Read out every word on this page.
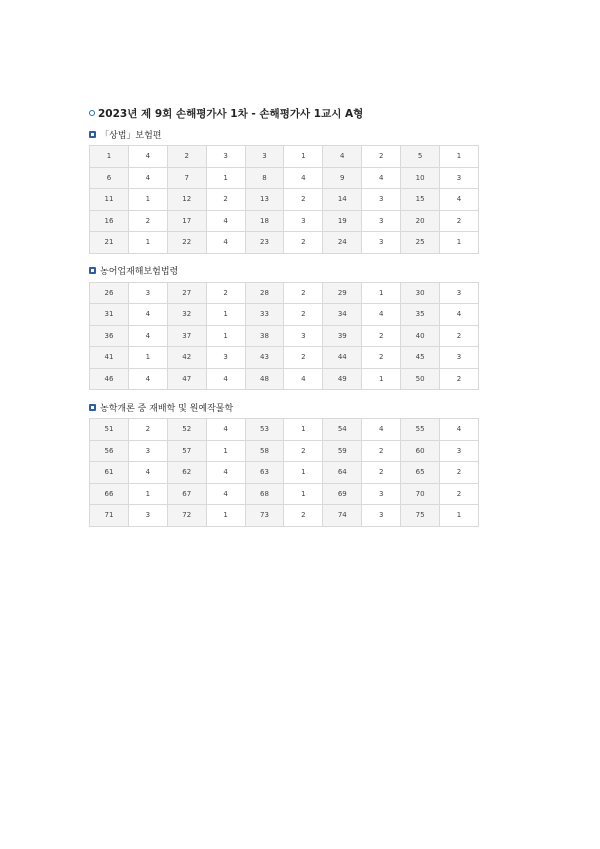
2023년 제 9회 손해평가사 1차 - 손해평가사 1교시 A형
「상법」보험편
1	4	2	3	3	1	4	2	5	1
6	4	7	1	8	4	9	4	10	3
11	1	12	2	13	2	14	3	15	4
16	2	17	4	18	3	19	3	20	2
21	1	22	4	23	2	24	3	25	1
농어업재해보험법령
26	3	27	2	28	2	29	1	30	3
31	4	32	1	33	2	34	4	35	4
36	4	37	1	38	3	39	2	40	2
41	1	42	3	43	2	44	2	45	3
46	4	47	4	48	4	49	1	50	2
농학개론 중 재배학 및 원예작물학
51	2	52	4	53	1	54	4	55	4
56	3	57	1	58	2	59	2	60	3
61	4	62	4	63	1	64	2	65	2
66	1	67	4	68	1	69	3	70	2
71	3	72	1	73	2	74	3	75	1
